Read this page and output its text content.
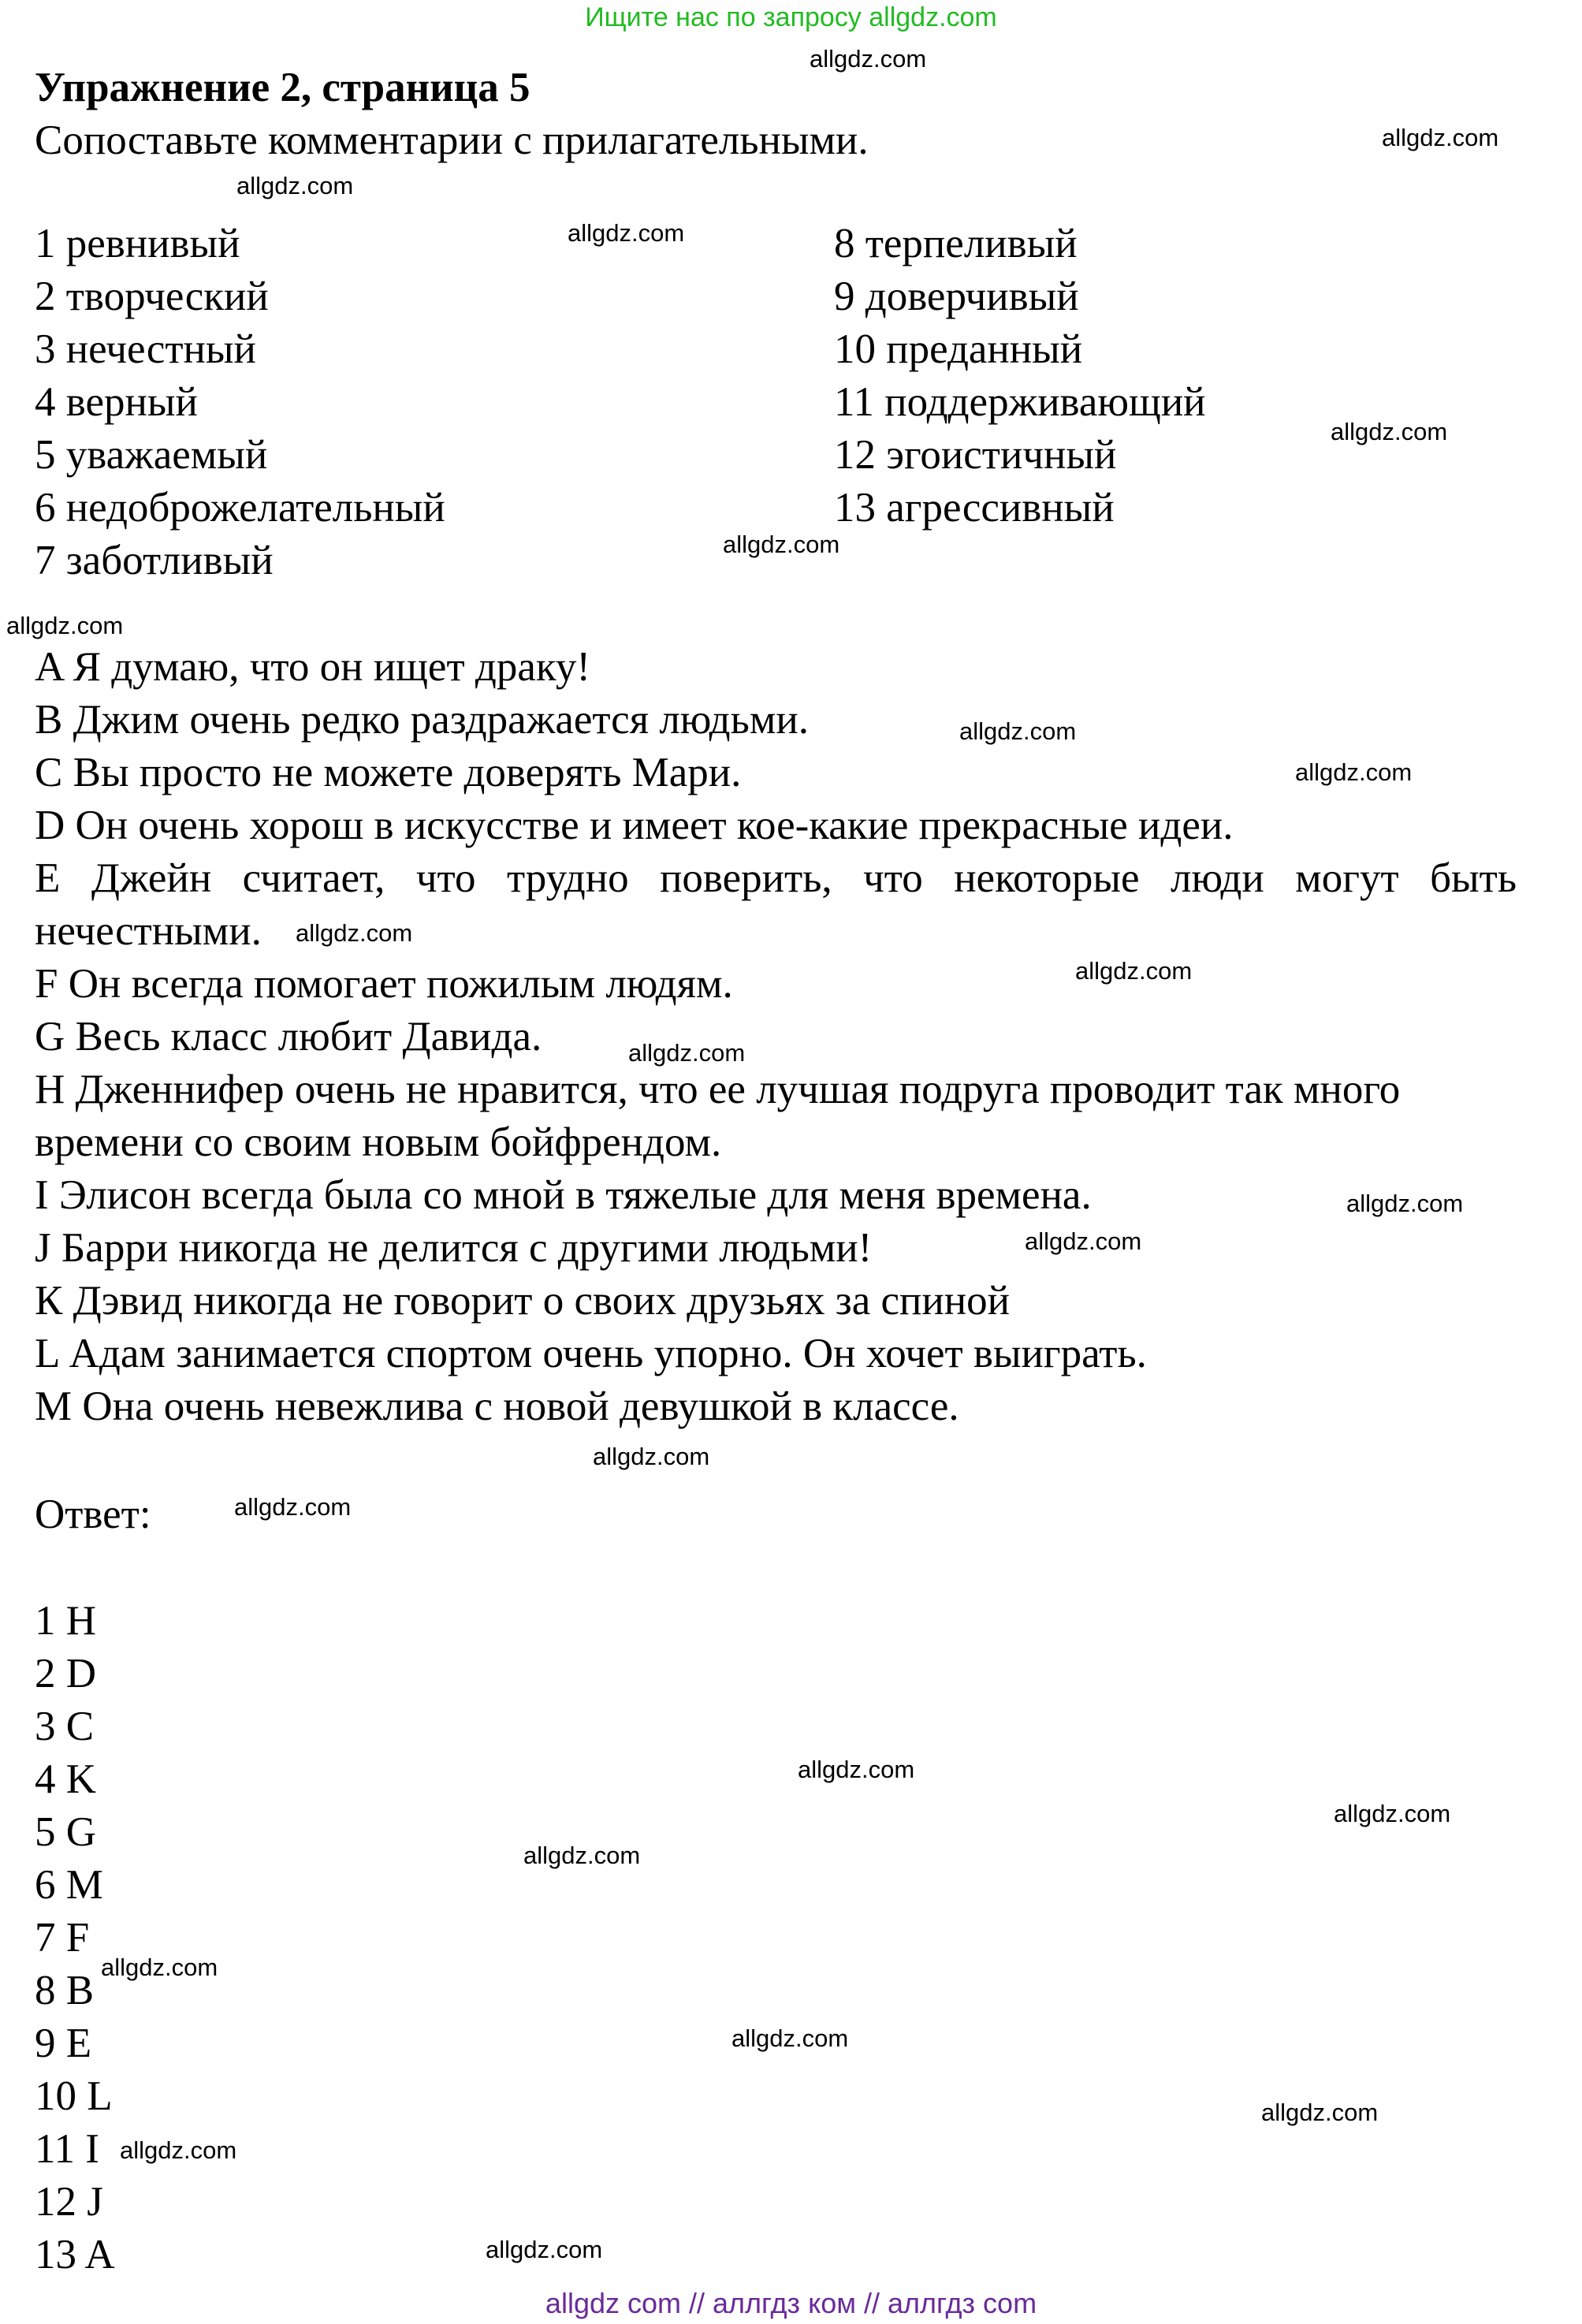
Ищите нас по запросу allgdz.com
Упражнение 2, страница 5
Сопоставьте комментарии с прилагательными.
1 ревнивый
2 творческий
3 нечестный
4 верный
5 уважаемый
6 недоброжелательный
7 заботливый
8 терпеливый
9 доверчивый
10 преданный
11 поддерживающий
12 эгоистичный
13 агрессивный
A Я думаю, что он ищет драку!
B Джим очень редко раздражается людьми.
C Вы просто не можете доверять Мари.
D Он очень хорош в искусстве и имеет кое-какие прекрасные идеи.
E Джейн считает, что трудно поверить, что некоторые люди могут быть
нечестными.
F Он всегда помогает пожилым людям.
G Весь класс любит Давида.
H Дженнифер очень не нравится, что ее лучшая подруга проводит так много
времени со своим новым бойфрендом.
I Элисон всегда была со мной в тяжелые для меня времена.
J Барри никогда не делится с другими людьми!
К Дэвид никогда не говорит о своих друзьях за спиной
L Адам занимается спортом очень упорно. Он хочет выиграть.
M Она очень невежлива с новой девушкой в классе.
Ответ:
1 H
2 D
3 C
4 K
5 G
6 M
7 F
8 B
9 E
10 L
11 I
12 J
13 A
allgdz.com
allgdz.com
allgdz.com
allgdz.com
allgdz.com
allgdz.com
allgdz.com
allgdz.com
allgdz.com
allgdz.com
allgdz.com
allgdz.com
allgdz.com
allgdz.com
allgdz.com
allgdz.com
allgdz.com
allgdz.com
allgdz.com
allgdz.com
allgdz.com
allgdz.com
allgdz.com
allgdz.com
allgdz com // аллгдз ком // аллгдз com
